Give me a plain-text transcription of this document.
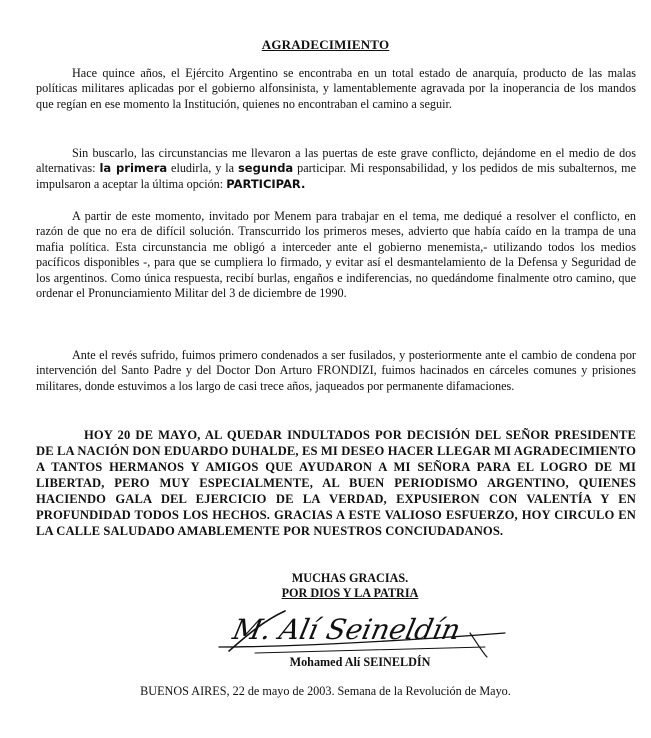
AGRADECIMIENTO

Hace quince años, el Ejército Argentino se encontraba en un total estado de anarquía, producto de las malas políticas militares aplicadas por el gobierno alfonsinista, y lamentablemente agravada por la inoperancia de los mandos que regían en ese momento la Institución, quienes no encontraban el camino a seguir.

Sin buscarlo, las circunstancias me llevaron a las puertas de este grave conflicto, dejándome en el medio de dos alternativas: la primera eludirla, y la segunda participar. Mi responsabilidad, y los pedidos de mis subalternos, me impulsaron a aceptar la última opción: PARTICIPAR.

A partir de este momento, invitado por Menem para trabajar en el tema, me dediqué a resolver el conflicto, en razón de que no era de difícil solución. Transcurrido los primeros meses, advierto que había caído en la trampa de una mafia política. Esta circunstancia me obligó a interceder ante el gobierno menemista,- utilizando todos los medios pacíficos disponibles -, para que se cumpliera lo firmado, y evitar así el desmantelamiento de la Defensa y Seguridad de los argentinos. Como única respuesta, recibí burlas, engaños e indiferencias, no quedándome finalmente otro camino, que ordenar el Pronunciamiento Militar del 3 de diciembre de 1990.

Ante el revés sufrido, fuimos primero condenados a ser fusilados, y posteriormente ante el cambio de condena por intervención del Santo Padre y del Doctor Don Arturo FRONDIZI, fuimos hacinados en cárceles comunes y prisiones militares, donde estuvimos a los largo de casi trece años, jaqueados por permanente difamaciones.

HOY 20 DE MAYO, AL QUEDAR INDULTADOS POR DECISIÓN DEL SEÑOR PRESIDENTE DE LA NACIÓN DON EDUARDO DUHALDE, ES MI DESEO HACER LLEGAR MI AGRADECIMIENTO A TANTOS HERMANOS Y AMIGOS QUE AYUDARON A MI SEÑORA PARA EL LOGRO DE MI LIBERTAD, PERO MUY ESPECIALMENTE, AL BUEN PERIODISMO ARGENTINO, QUIENES HACIENDO GALA DEL EJERCICIO DE LA VERDAD, EXPUSIERON CON VALENTÍA Y EN PROFUNDIDAD TODOS LOS HECHOS. GRACIAS A ESTE VALIOSO ESFUERZO, HOY CIRCULO EN LA CALLE SALUDADO AMABLEMENTE POR NUESTROS CONCIUDADANOS.

MUCHAS GRACIAS.
POR DIOS Y LA PATRIA
M. Alí Seineldín
Mohamed Alí SEINELDÍN
BUENOS AIRES, 22 de mayo de 2003. Semana de la Revolución de Mayo.
